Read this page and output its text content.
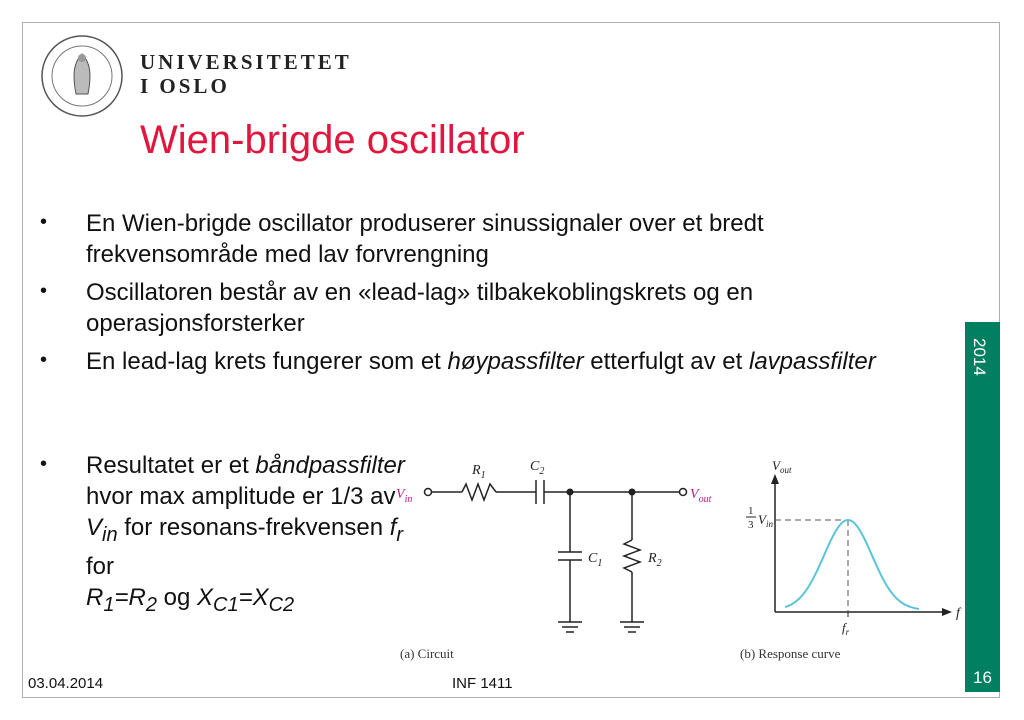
UNIVERSITETET
I OSLO
Wien-brigde oscillator
• En Wien-brigde oscillator produserer sinussignaler over et bredt frekvensområde med lav forvrengning
• Oscillatoren består av en «lead-lag» tilbakekoblingskrets og en operasjonsforsterker
• En lead-lag krets fungerer som et høypassfilter etterfulgt av et lavpassfilter
• Resultatet er et båndpassfilter hvor max amplitude er 1/3 av $V_{in}$ for resonans-frekvensen $f_r$ for
$R_1=R_2$ og $X_{C1}=X_{C2}$
$V_{in}$	$V_{out}$
$R_1$
$C_2$
$C_1$	$R_2$
(a) Circuit
$V_{out}$
f
1
3 $V_{in}$
$f_r$
(b) Response curve
2014
16
03.04.2014	INF 1411
